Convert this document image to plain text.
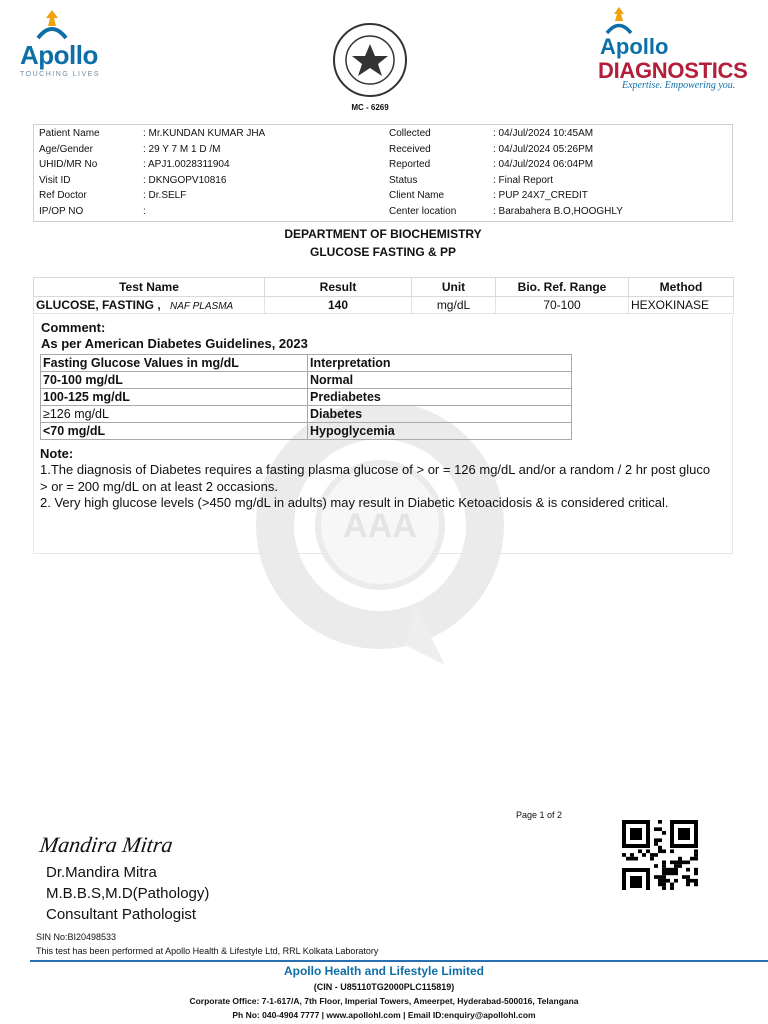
Apollo
TOUCHING LIVES
MC - 6269
Apollo
DIAGNOSTICS
Expertise. Empowering you.
Patient Name	: Mr.KUNDAN KUMAR JHA
Age/Gender	: 29 Y 7 M 1 D /M
UHID/MR No	: APJ1.0028311904
Visit ID	: DKNGOPV10816
Ref Doctor	: Dr.SELF
IP/OP NO	:
Collected	: 04/Jul/2024 10:45AM
Received	: 04/Jul/2024 05:26PM
Reported	: 04/Jul/2024 06:04PM
Status	: Final Report
Client Name	: PUP 24X7_CREDIT
Center location	: Barabahera B.O,HOOGHLY
DEPARTMENT OF BIOCHEMISTRY
GLUCOSE FASTING & PP
Test Name	Result	Unit	Bio. Ref. Range	Method
GLUCOSE, FASTING , NAF PLASMA	140	mg/dL	70-100	HEXOKINASE
AAA
Comment:
As per American Diabetes Guidelines, 2023
Fasting Glucose Values in mg/dL	Interpretation
70-100 mg/dL	Normal
100-125 mg/dL	Prediabetes
≥126 mg/dL	Diabetes
<70 mg/dL	Hypoglycemia
Note:
1.The diagnosis of Diabetes requires a fasting plasma glucose of > or = 126 mg/dL and/or a random / 2 hr post gluco
> or = 200 mg/dL on at least 2 occasions.
2. Very high glucose levels (>450 mg/dL in adults) may result in Diabetic Ketoacidosis & is considered critical.
Page 1 of 2
Mandira Mitra
Dr.Mandira Mitra
M.B.B.S,M.D(Pathology)
Consultant Pathologist
SIN No:BI20498533
This test has been performed at Apollo Health & Lifestyle Ltd, RRL Kolkata Laboratory
Apollo Health and Lifestyle Limited
(CIN - U85110TG2000PLC115819)
Corporate Office: 7-1-617/A, 7th Floor, Imperial Towers, Ameerpet, Hyderabad-500016, Telangana
Ph No: 040-4904 7777 | www.apollohl.com | Email ID:enquiry@apollohl.com
